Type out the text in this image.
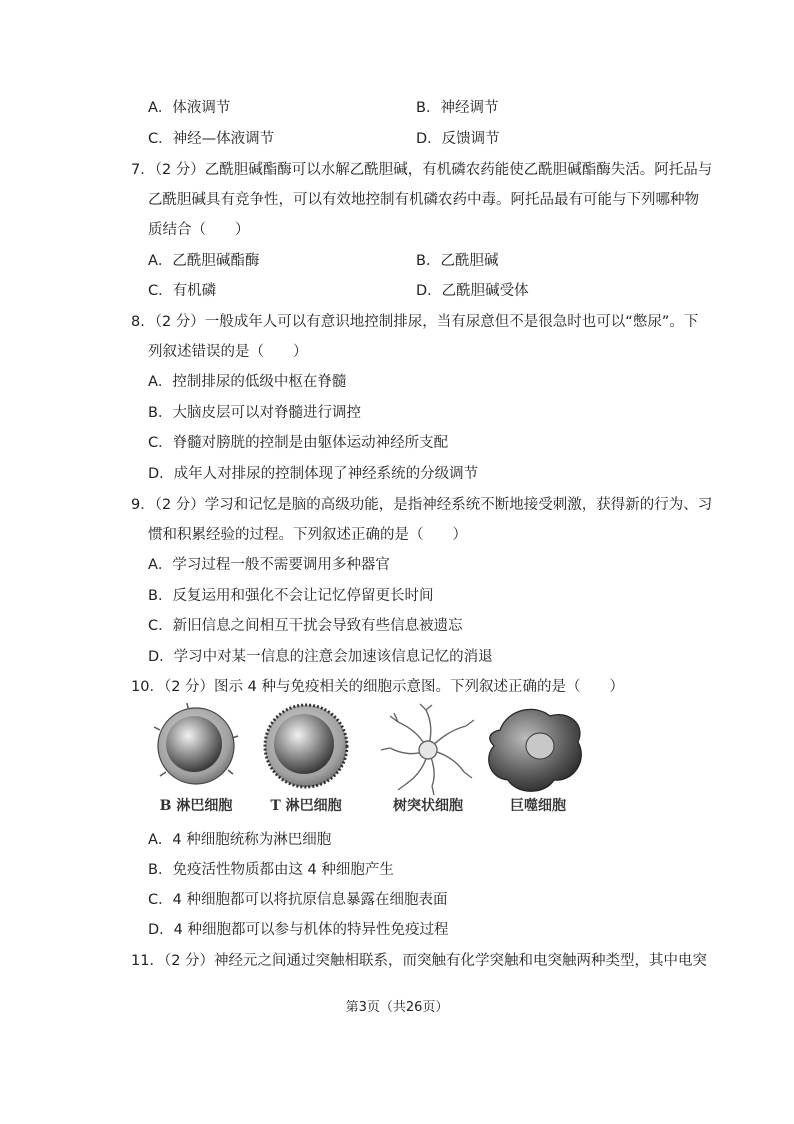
A．体液调节	B．神经调节
C．神经—体液调节	D．反馈调节
7．（2 分）乙酰胆碱酯酶可以水解乙酰胆碱，有机磷农药能使乙酰胆碱酯酶失活。阿托品与
乙酰胆碱具有竞争性，可以有效地控制有机磷农药中毒。阿托品最有可能与下列哪种物
质结合（　　）
A．乙酰胆碱酯酶	B．乙酰胆碱
C．有机磷	D．乙酰胆碱受体
8．（2 分）一般成年人可以有意识地控制排尿，当有尿意但不是很急时也可以“憋尿”。下
列叙述错误的是（　　）
A．控制排尿的低级中枢在脊髓
B．大脑皮层可以对脊髓进行调控
C．脊髓对膀胱的控制是由躯体运动神经所支配
D．成年人对排尿的控制体现了神经系统的分级调节
9．（2 分）学习和记忆是脑的高级功能，是指神经系统不断地接受刺激，获得新的行为、习
惯和积累经验的过程。下列叙述正确的是（　　）
A．学习过程一般不需要调用多种器官
B．反复运用和强化不会让记忆停留更长时间
C．新旧信息之间相互干扰会导致有些信息被遗忘
D．学习中对某一信息的注意会加速该信息记忆的消退
10．（2 分）图示 4 种与免疫相关的细胞示意图。下列叙述正确的是（　　）
B 淋巴细胞	T 淋巴细胞	树突状细胞	巨噬细胞
A．4 种细胞统称为淋巴细胞
B．免疫活性物质都由这 4 种细胞产生
C．4 种细胞都可以将抗原信息暴露在细胞表面
D．4 种细胞都可以参与机体的特异性免疫过程
11．（2 分）神经元之间通过突触相联系，而突触有化学突触和电突触两种类型，其中电突
第3页（共26页）
